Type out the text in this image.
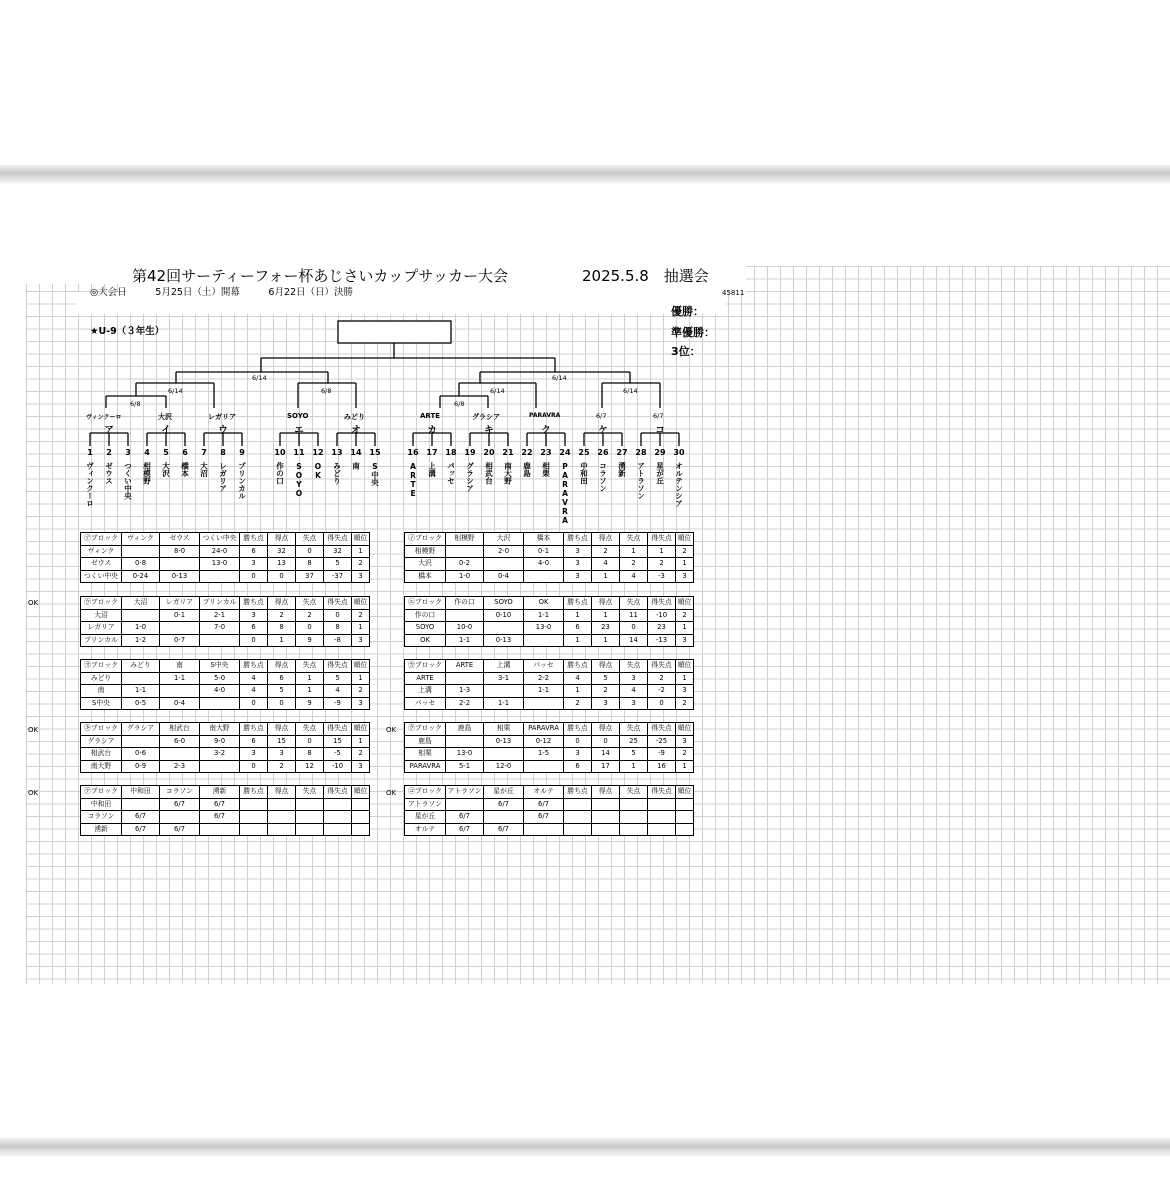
第42回サーティーフォー杯あじさいカップサッカー大会	2025.5.8　抽選会
◎大会日　　　5月25日（土）開幕　　　6月22日（日）決勝	45811
★U-9（３年生）
優勝：
準優勝：
3位：
6/14	6/14
6/14	6/8	6/14	6/14
6/8	6/8
6/7	6/7
ヴィンクーロ	大沢	レガリア	SOYO	みどり	ARTE	グラシア	PARAVRA
ア	イ	ウ	エ	オ	カ	キ	ク	ケ	コ
1
ヴィンクーロ
2
ゼウス
3
つくい中央
4
相模野
5
大沢
6
橋本
7
大沼
8
レガリア
9
プリンカル
10
作の口
11
SOYO
12
OK
13
みどり
14
南
15
S中央
16
ARTE
17
上溝
18
パッセ
19
グラシア
20
相武台
21
南大野
22
鹿島
23
相栗
24
PARAVRA
25
中和田
26
コラソン
27
湧新
28
アトラソン
29
星が丘
30
オルテンシア
OK
OK	OK
OK	OK
㋐ブロック	ヴィンク	ゼウス	つくい中央	勝ち点	得点	失点	得失点	順位
ヴィンク		8-0	24-0	6	32	0	32	1
ゼウス	0-8		13-0	3	13	8	5	2
つくい中央	0-24	0-13		0	0	37	-37	3
㋑ブロック	相模野	大沢	橋本	勝ち点	得点	失点	得失点	順位
相模野		2-0	0-1	3	2	1	1	2
大沢	0-2		4-0	3	4	2	2	1
橋本	1-0	0-4		3	1	4	-3	3
㋒ブロック	大沼	レガリア	プリンカル	勝ち点	得点	失点	得失点	順位
大沼		0-1	2-1	3	2	2	0	2
レガリア	1-0		7-0	6	8	0	8	1
プリンカル	1-2	0-7		0	1	9	-8	3
㋓ブロック	作の口	SOYO	OK	勝ち点	得点	失点	得失点	順位
作の口		0-10	1-1	1	1	11	-10	2
SOYO	10-0		13-0	6	23	0	23	1
OK	1-1	0-13		1	1	14	-13	3
㋔ブロック	みどり	南	S中央	勝ち点	得点	失点	得失点	順位
みどり		1-1	5-0	4	6	1	5	1
南	1-1		4-0	4	5	1	4	2
S中央	0-5	0-4		0	0	9	-9	3
㋕ブロック	ARTE	上溝	パッセ	勝ち点	得点	失点	得失点	順位
ARTE		3-1	2-2	4	5	3	2	1
上溝	1-3		1-1	1	2	4	-2	3
パッセ	2-2	1-1		2	3	3	0	2
㋖ブロック	グラシア	相武台	南大野	勝ち点	得点	失点	得失点	順位
グラシア		6-0	9-0	6	15	0	15	1
相武台	0-6		3-2	3	3	8	-5	2
南大野	0-9	2-3		0	2	12	-10	3
㋗ブロック	鹿島	相栗	PARAVRA	勝ち点	得点	失点	得失点	順位
鹿島		0-13	0-12	0	0	25	-25	3
相栗	13-0		1-5	3	14	5	-9	2
PARAVRA	5-1	12-0		6	17	1	16	1
㋘ブロック	中和田	コラソン	湧新	勝ち点	得点	失点	得失点	順位
中和田		6/7	6/7					
コラソン	6/7		6/7					
湧新	6/7	6/7						
㋙ブロック	アトラソン	星が丘	オルテ	勝ち点	得点	失点	得失点	順位
アトラソン		6/7	6/7					
星が丘	6/7		6/7					
オルテ	6/7	6/7						
